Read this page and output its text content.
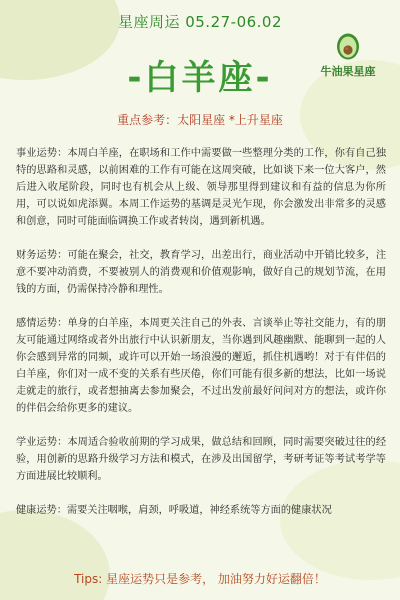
星座周运 05.27-06.02
-白羊座-	牛油果星座
重点参考：太阳星座 *上升星座

事业运势：本周白羊座，在职场和工作中需要做一些整理分类的工作，你有自己独特的思路和灵感，以前困难的工作有可能在这周突破，比如谈下来一位大客户，然后进入收尾阶段，同时也有机会从上级、领导那里得到建议和有益的信息为你所用，可以说如虎添翼。本周工作运势的基调是灵光乍现，你会激发出非常多的灵感和创意，同时可能面临调换工作或者转岗，遇到新机遇。

财务运势：可能在聚会，社交，教育学习，出差出行，商业活动中开销比较多，注意不要冲动消费，不要被别人的消费观和价值观影响，做好自己的规划节流，在用钱的方面，仍需保持冷静和理性。

感情运势：单身的白羊座，本周更关注自己的外表、言谈举止等社交能力，有的朋友可能通过网络或者外出旅行中认识新朋友，当你遇到风趣幽默、能聊到一起的人你会感到异常的同频，或许可以开始一场浪漫的邂逅，抓住机遇哟！对于有伴侣的白羊座，你们对一成不变的关系有些厌倦，你们可能有很多新的想法，比如一场说走就走的旅行，或者想抽离去参加聚会，不过出发前最好问问对方的想法，或许你的伴侣会给你更多的建议。

学业运势：本周适合验收前期的学习成果，做总结和回顾，同时需要突破过往的经验，用创新的思路升级学习方法和模式，在涉及出国留学，考研考证等考试考学等方面进展比较顺利。

健康运势：需要关注咽喉，肩颈，呼吸道，神经系统等方面的健康状况

Tips: 星座运势只是参考， 加油努力好运翻倍！
